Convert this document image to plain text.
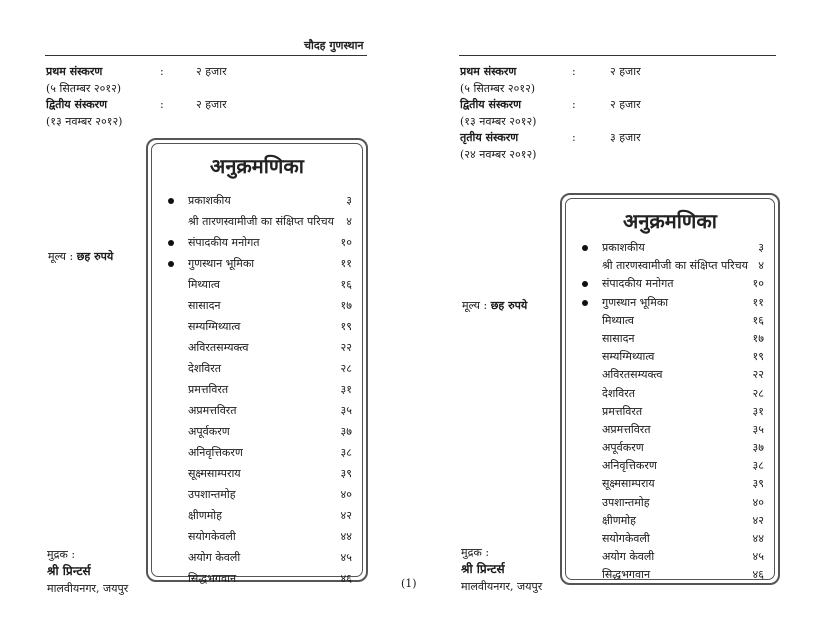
चौदह गुणस्थान
प्रथम संस्करण	:	२ हजार
(५ सितम्बर २०१२)
द्वितीय संस्करण	:	२ हजार
(१३ नवम्बर २०१२)
मूल्य : छह रुपये
मुद्रक :
श्री प्रिन्टर्स
मालवीयनगर, जयपुर
अनुक्रमणिका
प्रकाशकीय	३
श्री तारणस्वामीजी का संक्षिप्त परिचय ४
संपादकीय मनोगत	१०
गुणस्थान भूमिका	११
मिथ्यात्व	१६
सासादन	१७
सम्यग्मिथ्यात्व	१९
अविरतसम्यक्त्व	२२
देशविरत	२८
प्रमत्तविरत	३१
अप्रमत्तविरत	३५
अपूर्वकरण	३७
अनिवृत्तिकरण	३८
सूक्ष्मसाम्पराय	३९
उपशान्तमोह	४०
क्षीणमोह	४२
सयोगकेवली	४४
अयोग केवली	४५
सिद्धभगवान	४६	(1)
प्रथम संस्करण	:	२ हजार
(५ सितम्बर २०१२)
द्वितीय संस्करण	:	२ हजार
(१३ नवम्बर २०१२)
तृतीय संस्करण	:	३ हजार
(२४ नवम्बर २०१२)
मूल्य : छह रुपये
मुद्रक :
श्री प्रिन्टर्स
मालवीयनगर, जयपुर
अनुक्रमणिका
प्रकाशकीय	३
श्री तारणस्वामीजी का संक्षिप्त परिचय ४
संपादकीय मनोगत	१०
गुणस्थान भूमिका	११
मिथ्यात्व	१६
सासादन	१७
सम्यग्मिथ्यात्व	१९
अविरतसम्यक्त्व	२२
देशविरत	२८
प्रमत्तविरत	३१
अप्रमत्तविरत	३५
अपूर्वकरण	३७
अनिवृत्तिकरण	३८
सूक्ष्मसाम्पराय	३९
उपशान्तमोह	४०
क्षीणमोह	४२
सयोगकेवली	४४
अयोग केवली	४५
सिद्धभगवान	४६
